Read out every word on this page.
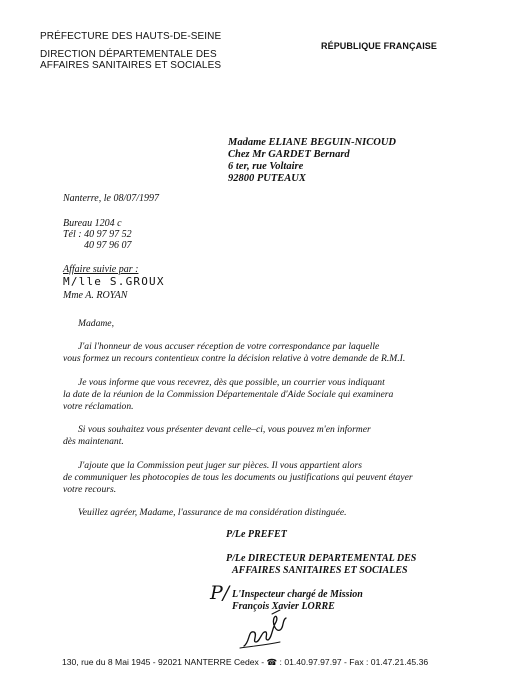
PRÉFECTURE DES HAUTS-DE-SEINE
DIRECTION DÉPARTEMENTALE DES
AFFAIRES SANITAIRES ET SOCIALES
RÉPUBLIQUE FRANÇAISE
Madame ELIANE BEGUIN-NICOUD
Chez Mr GARDET Bernard
6 ter, rue Voltaire
92800 PUTEAUX
Nanterre, le 08/07/1997
Bureau 1204 c
Tél : 40 97 97 52
40 97 96 07
Affaire suivie par :
M/lle S.GROUX
Mme A. ROYAN
Madame,
J'ai l'honneur de vous accuser réception de votre correspondance par laquelle
vous formez un recours contentieux contre la décision relative à votre demande de R.M.I.
Je vous informe que vous recevrez, dès que possible, un courrier vous indiquant
la date de la réunion de la Commission Départementale d'Aide Sociale qui examinera
votre réclamation.
Si vous souhaitez vous présenter devant celle–ci, vous pouvez m'en informer
dès maintenant.
J'ajoute que la Commission peut juger sur pièces. Il vous appartient alors
de communiquer les photocopies de tous les documents ou justifications qui peuvent étayer
votre recours.
Veuillez agréer, Madame, l'assurance de ma considération distinguée.
P/Le PREFET
P/Le DIRECTEUR DEPARTEMENTAL DES
AFFAIRES SANITAIRES ET SOCIALES
P/ L'Inspecteur chargé de Mission
François Xavier LORRE
130, rue du 8 Mai 1945 - 92021 NANTERRE Cedex - ☎ : 01.40.97.97.97 - Fax : 01.47.21.45.36
